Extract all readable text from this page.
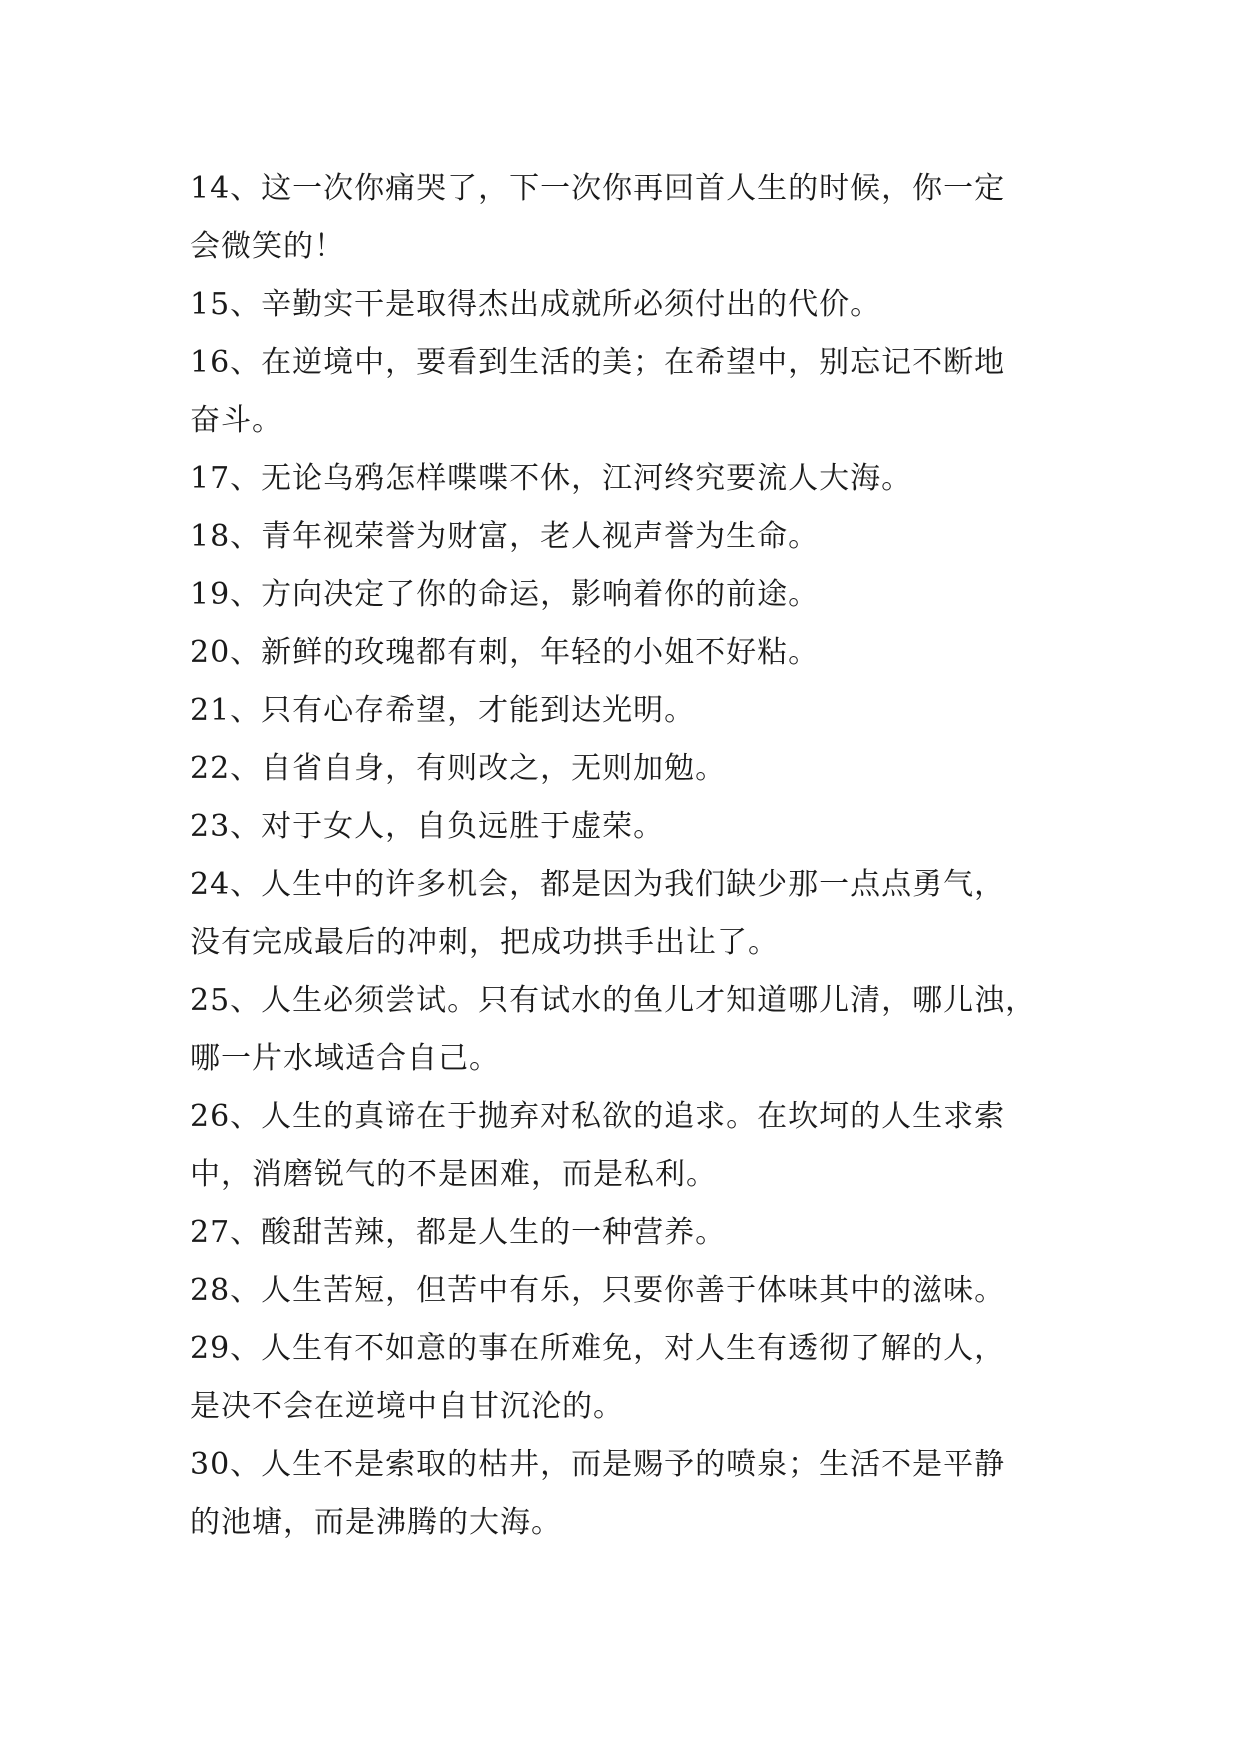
14、这一次你痛哭了，下一次你再回首人生的时候，你一定
会微笑的！
15、辛勤实干是取得杰出成就所必须付出的代价。
16、在逆境中，要看到生活的美；在希望中，别忘记不断地
奋斗。
17、无论乌鸦怎样喋喋不休，江河终究要流人大海。
18、青年视荣誉为财富，老人视声誉为生命。
19、方向决定了你的命运，影响着你的前途。
20、新鲜的玫瑰都有刺，年轻的小姐不好粘。
21、只有心存希望，才能到达光明。
22、自省自身，有则改之，无则加勉。
23、对于女人，自负远胜于虚荣。
24、人生中的许多机会，都是因为我们缺少那一点点勇气，
没有完成最后的冲刺，把成功拱手出让了。
25、人生必须尝试。只有试水的鱼儿才知道哪儿清，哪儿浊，
哪一片水域适合自己。
26、人生的真谛在于抛弃对私欲的追求。在坎坷的人生求索
中，消磨锐气的不是困难，而是私利。
27、酸甜苦辣，都是人生的一种营养。
28、人生苦短，但苦中有乐，只要你善于体味其中的滋味。
29、人生有不如意的事在所难免，对人生有透彻了解的人，
是决不会在逆境中自甘沉沦的。
30、人生不是索取的枯井，而是赐予的喷泉；生活不是平静
的池塘，而是沸腾的大海。
